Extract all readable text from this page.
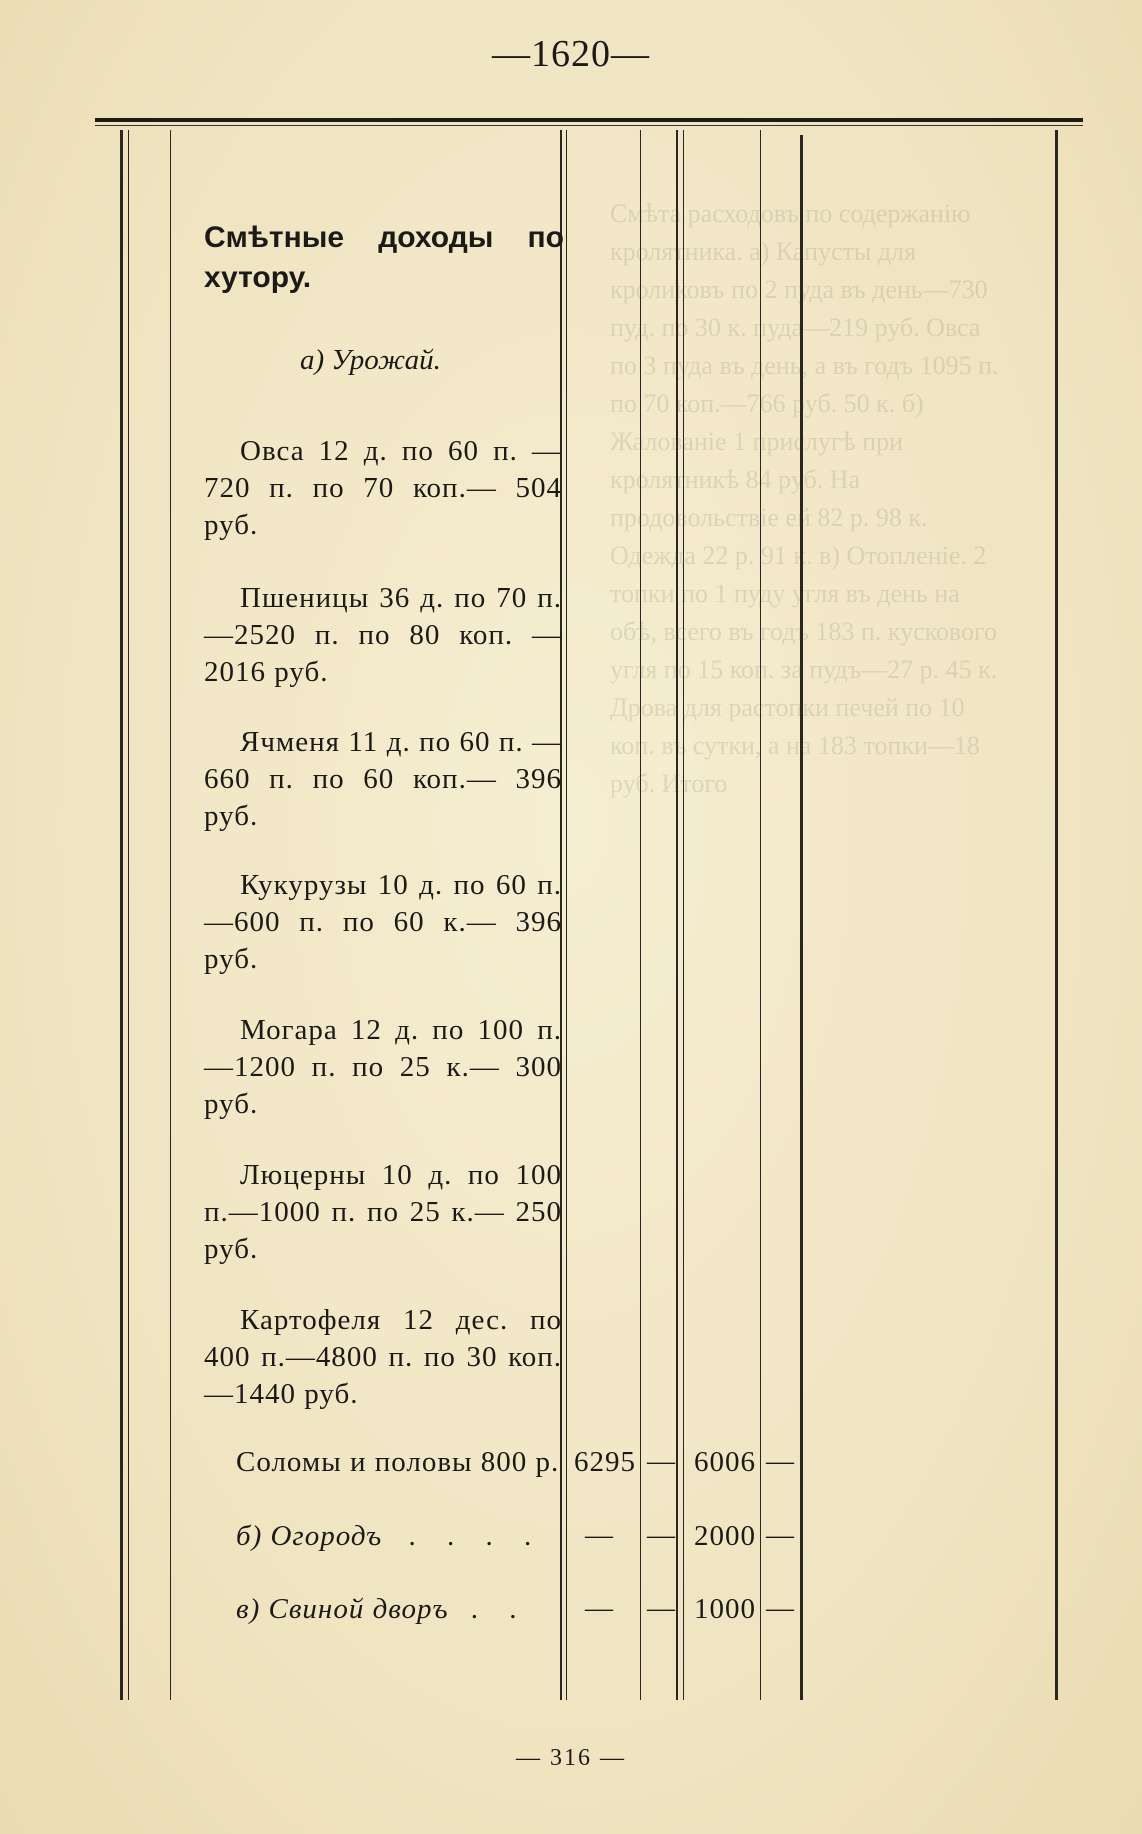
—1620—
Смѣта расходовъ по содержанію кролятника. а) Капусты для кроликовъ по 2 пуда въ день—730 пуд. по 30 к. пуда—219 руб. Овса по 3 пуда въ день, а въ годъ 1095 п. по 70 коп.—766 руб. 50 к. б) Жалованіе 1 прислугѣ при кролятникѣ 84 руб. На продовольствіе ей 82 р. 98 к. Одежда 22 р. 91 к. в) Отопленіе. 2 топки по 1 пуду угля въ день на обѣ, всего въ годъ 183 п. кускового угля по 15 коп. за пудъ—27 р. 45 к. Дрова для растопки печей по 10 коп. въ сутки, а на 183 топки—18 руб. Итого
Смѣтные доходы по хутору.
а) Урожай.
Овса 12 д. по 60 п. —720 п. по 70 коп.— 504 руб.
Пшеницы 36 д. по 70 п.—2520 п. по 80 коп. —2016 руб.
Ячменя 11 д. по 60 п. —660 п. по 60 коп.— 396 руб.
Кукурузы 10 д. по 60 п.—600 п. по 60 к.— 396 руб.
Могара 12 д. по 100 п.—1200 п. по 25 к.— 300 руб.
Люцерны 10 д. по 100 п.—1000 п. по 25 к.— 250 руб.
Картофеля 12 дес. по 400 п.—4800 п. по 30 коп.—1440 руб.
Соломы и половы 800 р. 6295 — 6006 —
б) Огородъ . . . . — — 2000 —
в) Свиной дворъ . . — — 1000 —
— 316 —
